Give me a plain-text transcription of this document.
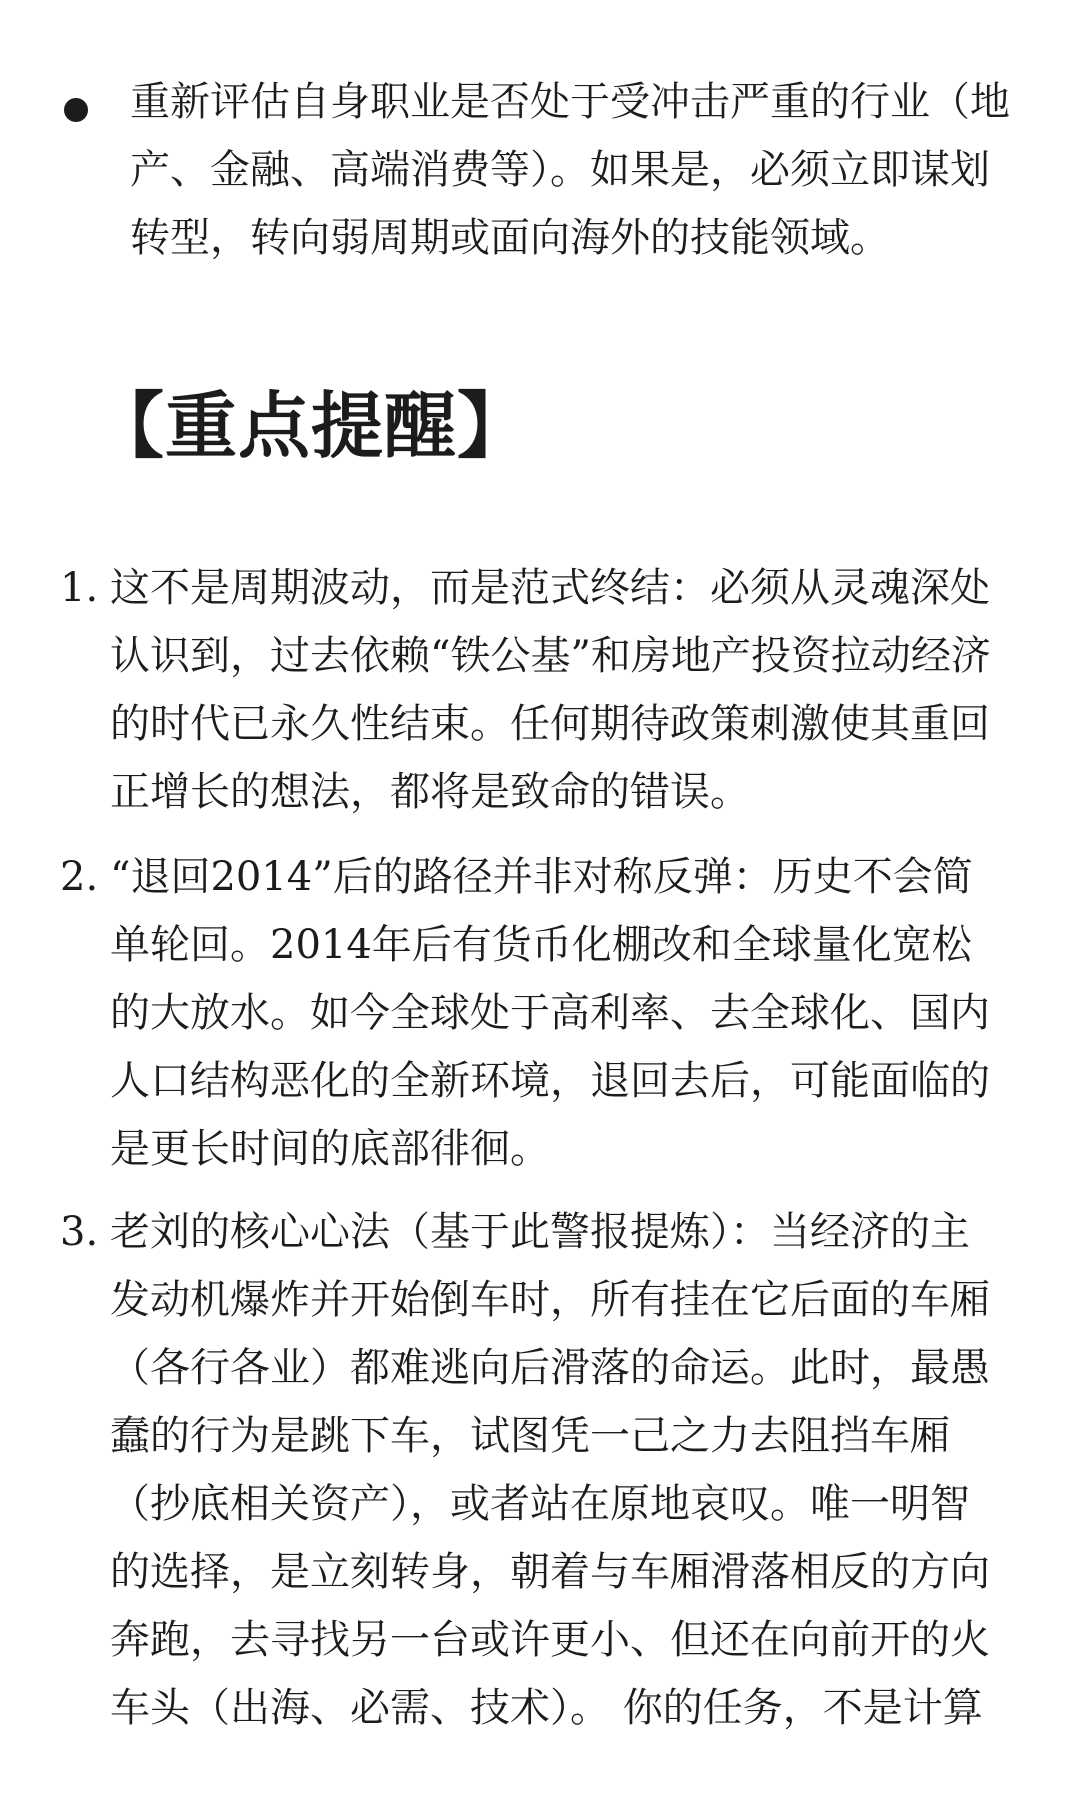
重新评估自身职业是否处于受冲击严重的行业（地产、金融、高端消费等）。如果是，必须立即谋划转型，转向弱周期或面向海外的技能领域。
【重点提醒】
1. 这不是周期波动，而是范式终结：必须从灵魂深处认识到，过去依赖“铁公基”和房地产投资拉动经济的时代已永久性结束。任何期待政策刺激使其重回正增长的想法，都将是致命的错误。
2. “退回2014”后的路径并非对称反弹：历史不会简单轮回。2014年后有货币化棚改和全球量化宽松的大放水。如今全球处于高利率、去全球化、国内人口结构恶化的全新环境，退回去后，可能面临的是更长时间的底部徘徊。
3. 老刘的核心心法（基于此警报提炼）：当经济的主发动机爆炸并开始倒车时，所有挂在它后面的车厢（各行各业）都难逃向后滑落的命运。此时，最愚蠢的行为是跳下车，试图凭一己之力去阻挡车厢（抄底相关资产），或者站在原地哀叹。唯一明智的选择，是立刻转身，朝着与车厢滑落相反的方向奔跑，去寻找另一台或许更小、但还在向前开的火车头（出海、必需、技术）。 你的任务，不是计算
